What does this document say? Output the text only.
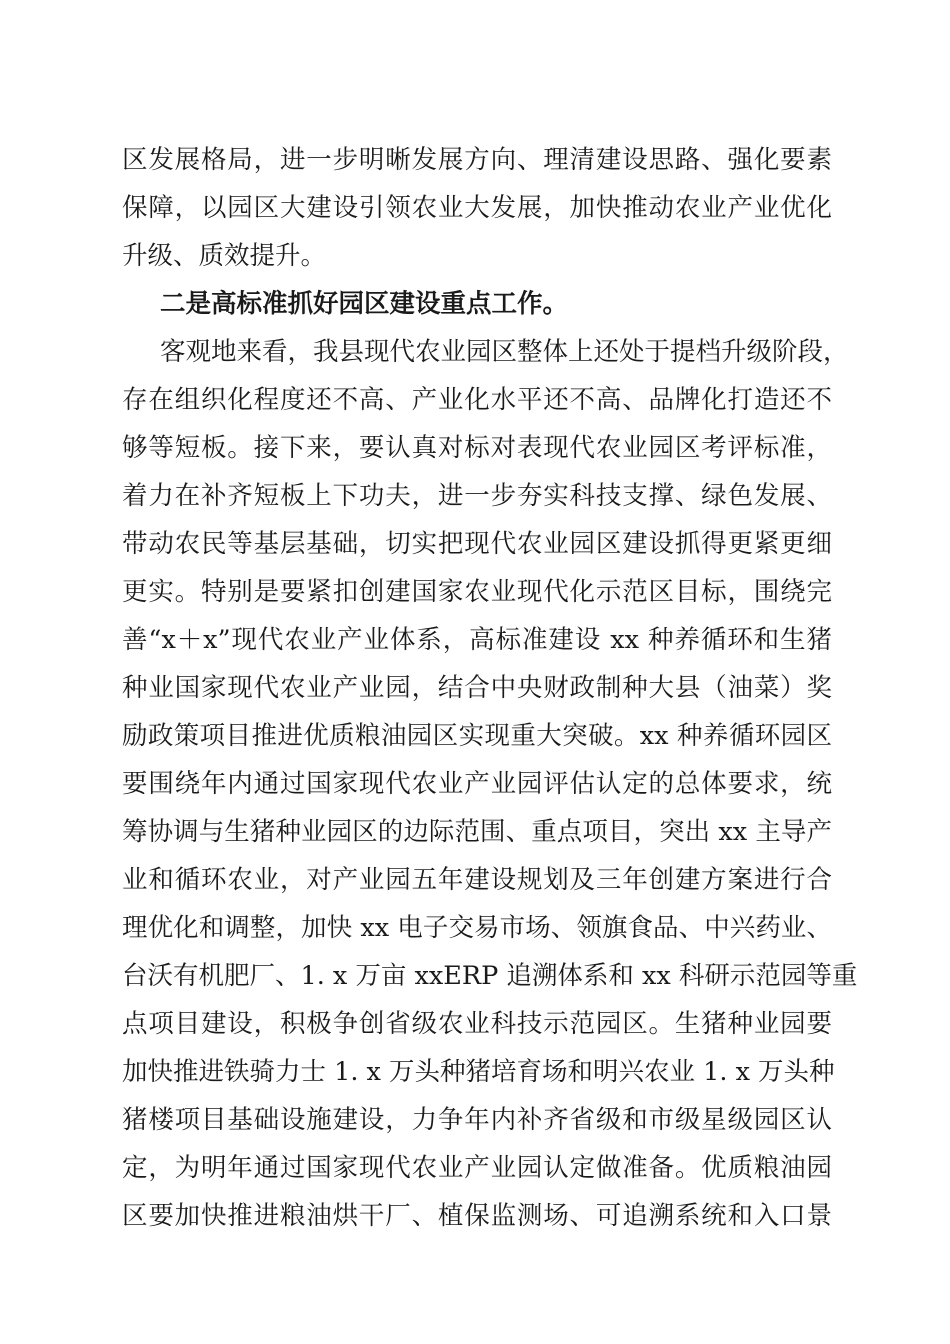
区发展格局，进一步明晰发展方向、理清建设思路、强化要素
保障，以园区大建设引领农业大发展，加快推动农业产业优化
升级、质效提升。
二是高标准抓好园区建设重点工作。
客观地来看，我县现代农业园区整体上还处于提档升级阶段，
存在组织化程度还不高、产业化水平还不高、品牌化打造还不
够等短板。接下来，要认真对标对表现代农业园区考评标准，
着力在补齐短板上下功夫，进一步夯实科技支撑、绿色发展、
带动农民等基层基础，切实把现代农业园区建设抓得更紧更细
更实。特别是要紧扣创建国家农业现代化示范区目标，围绕完
善“x＋x”现代农业产业体系，高标准建设 xx 种养循环和生猪
种业国家现代农业产业园，结合中央财政制种大县（油菜）奖
励政策项目推进优质粮油园区实现重大突破。xx 种养循环园区
要围绕年内通过国家现代农业产业园评估认定的总体要求，统
筹协调与生猪种业园区的边际范围、重点项目，突出 xx 主导产
业和循环农业，对产业园五年建设规划及三年创建方案进行合
理优化和调整，加快 xx 电子交易市场、领旗食品、中兴药业、
台沃有机肥厂、1. x 万亩 xxERP 追溯体系和 xx 科研示范园等重
点项目建设，积极争创省级农业科技示范园区。生猪种业园要
加快推进铁骑力士 1. x 万头种猪培育场和明兴农业 1. x 万头种
猪楼项目基础设施建设，力争年内补齐省级和市级星级园区认
定，为明年通过国家现代农业产业园认定做准备。优质粮油园
区要加快推进粮油烘干厂、植保监测场、可追溯系统和入口景
